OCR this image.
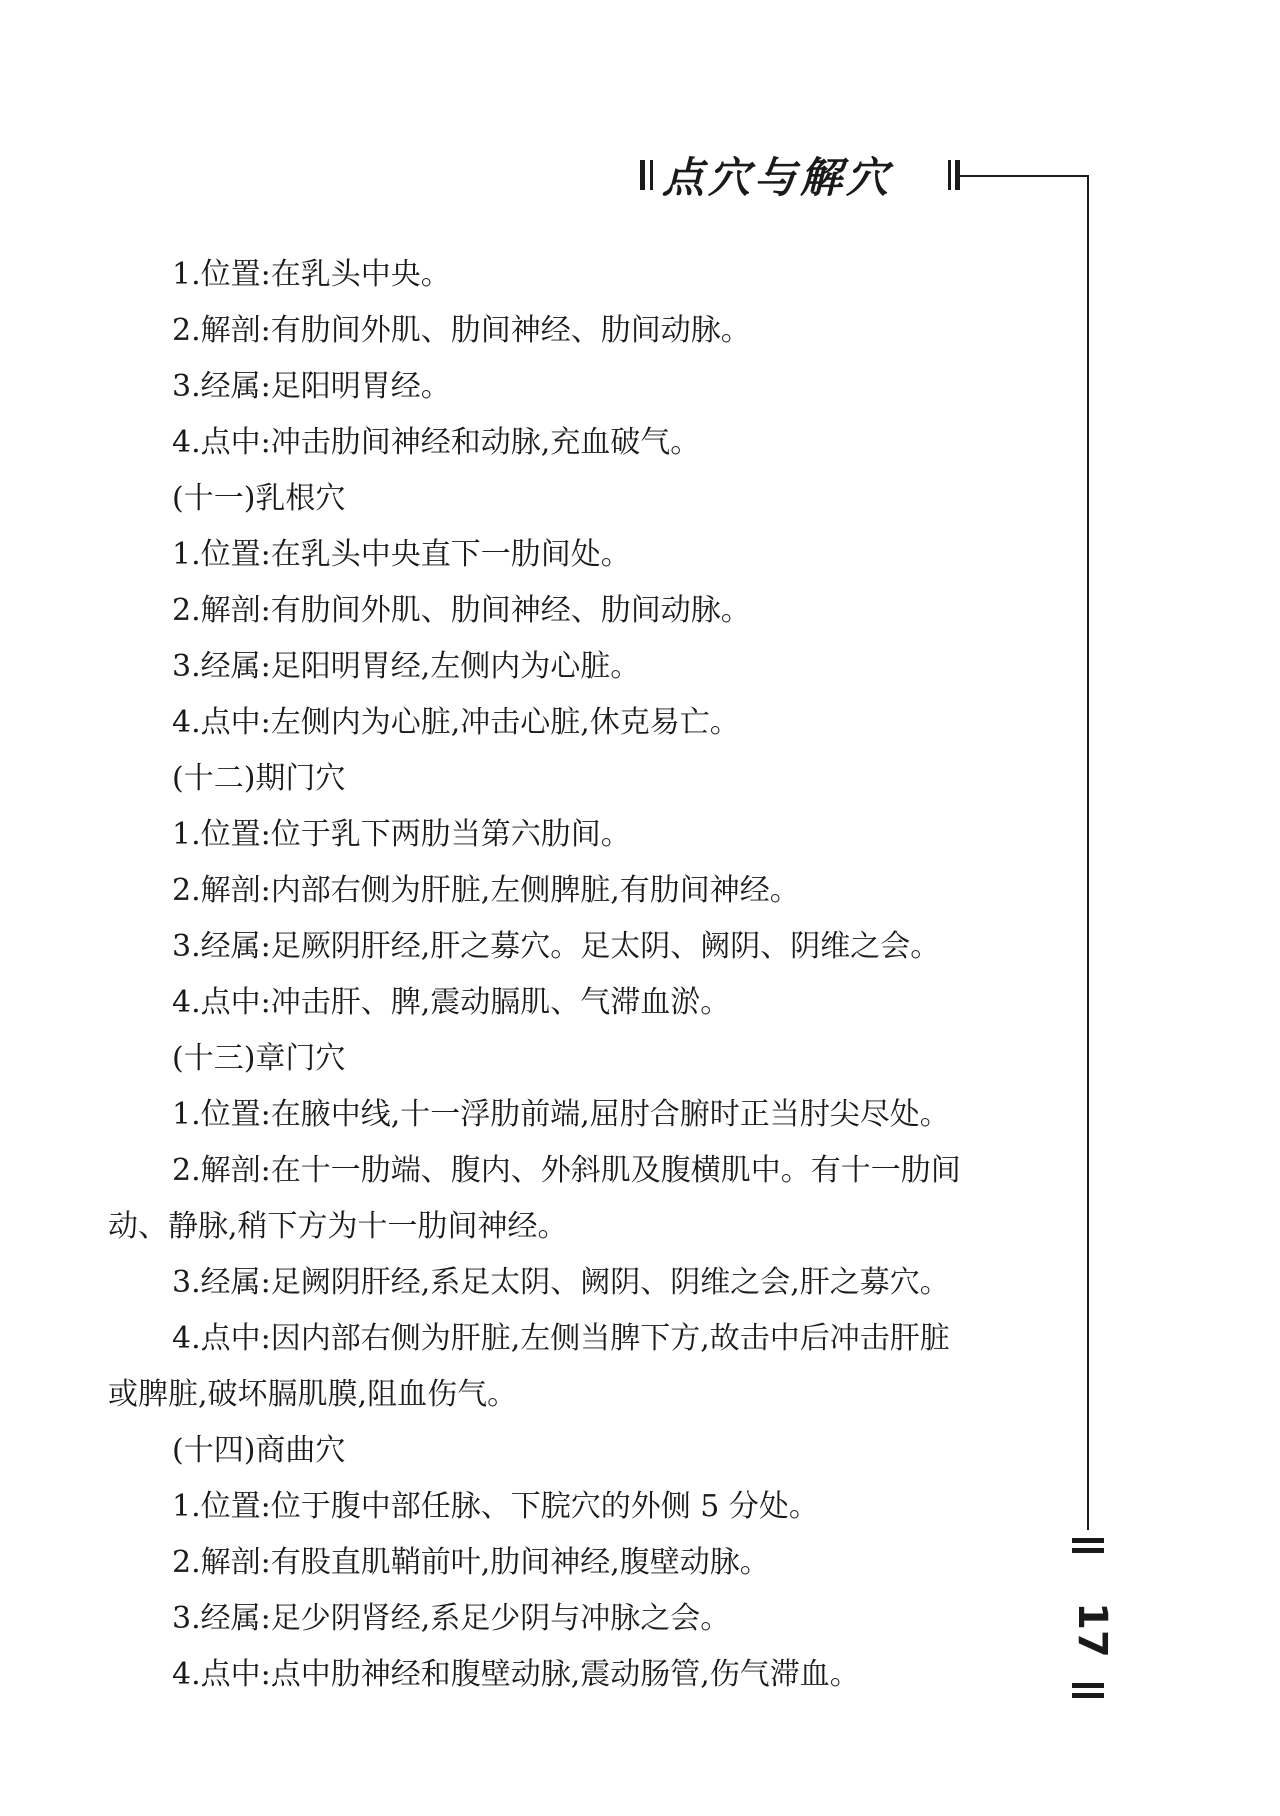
点穴与解穴
1.位置:在乳头中央。
2.解剖:有肋间外肌、肋间神经、肋间动脉。
3.经属:足阳明胃经。
4.点中:冲击肋间神经和动脉,充血破气。
(十一)乳根穴
1.位置:在乳头中央直下一肋间处。
2.解剖:有肋间外肌、肋间神经、肋间动脉。
3.经属:足阳明胃经,左侧内为心脏。
4.点中:左侧内为心脏,冲击心脏,休克易亡。
(十二)期门穴
1.位置:位于乳下两肋当第六肋间。
2.解剖:内部右侧为肝脏,左侧脾脏,有肋间神经。
3.经属:足厥阴肝经,肝之募穴。足太阴、阙阴、阴维之会。
4.点中:冲击肝、脾,震动膈肌、气滞血淤。
(十三)章门穴
1.位置:在腋中线,十一浮肋前端,屈肘合腑时正当肘尖尽处。
2.解剖:在十一肋端、腹内、外斜肌及腹横肌中。有十一肋间
动、静脉,稍下方为十一肋间神经。
3.经属:足阙阴肝经,系足太阴、阙阴、阴维之会,肝之募穴。
4.点中:因内部右侧为肝脏,左侧当脾下方,故击中后冲击肝脏
或脾脏,破坏膈肌膜,阻血伤气。
(十四)商曲穴
1.位置:位于腹中部任脉、下脘穴的外侧 5 分处。
2.解剖:有股直肌鞘前叶,肋间神经,腹壁动脉。
3.经属:足少阴肾经,系足少阴与冲脉之会。
4.点中:点中肋神经和腹壁动脉,震动肠管,伤气滞血。
17
